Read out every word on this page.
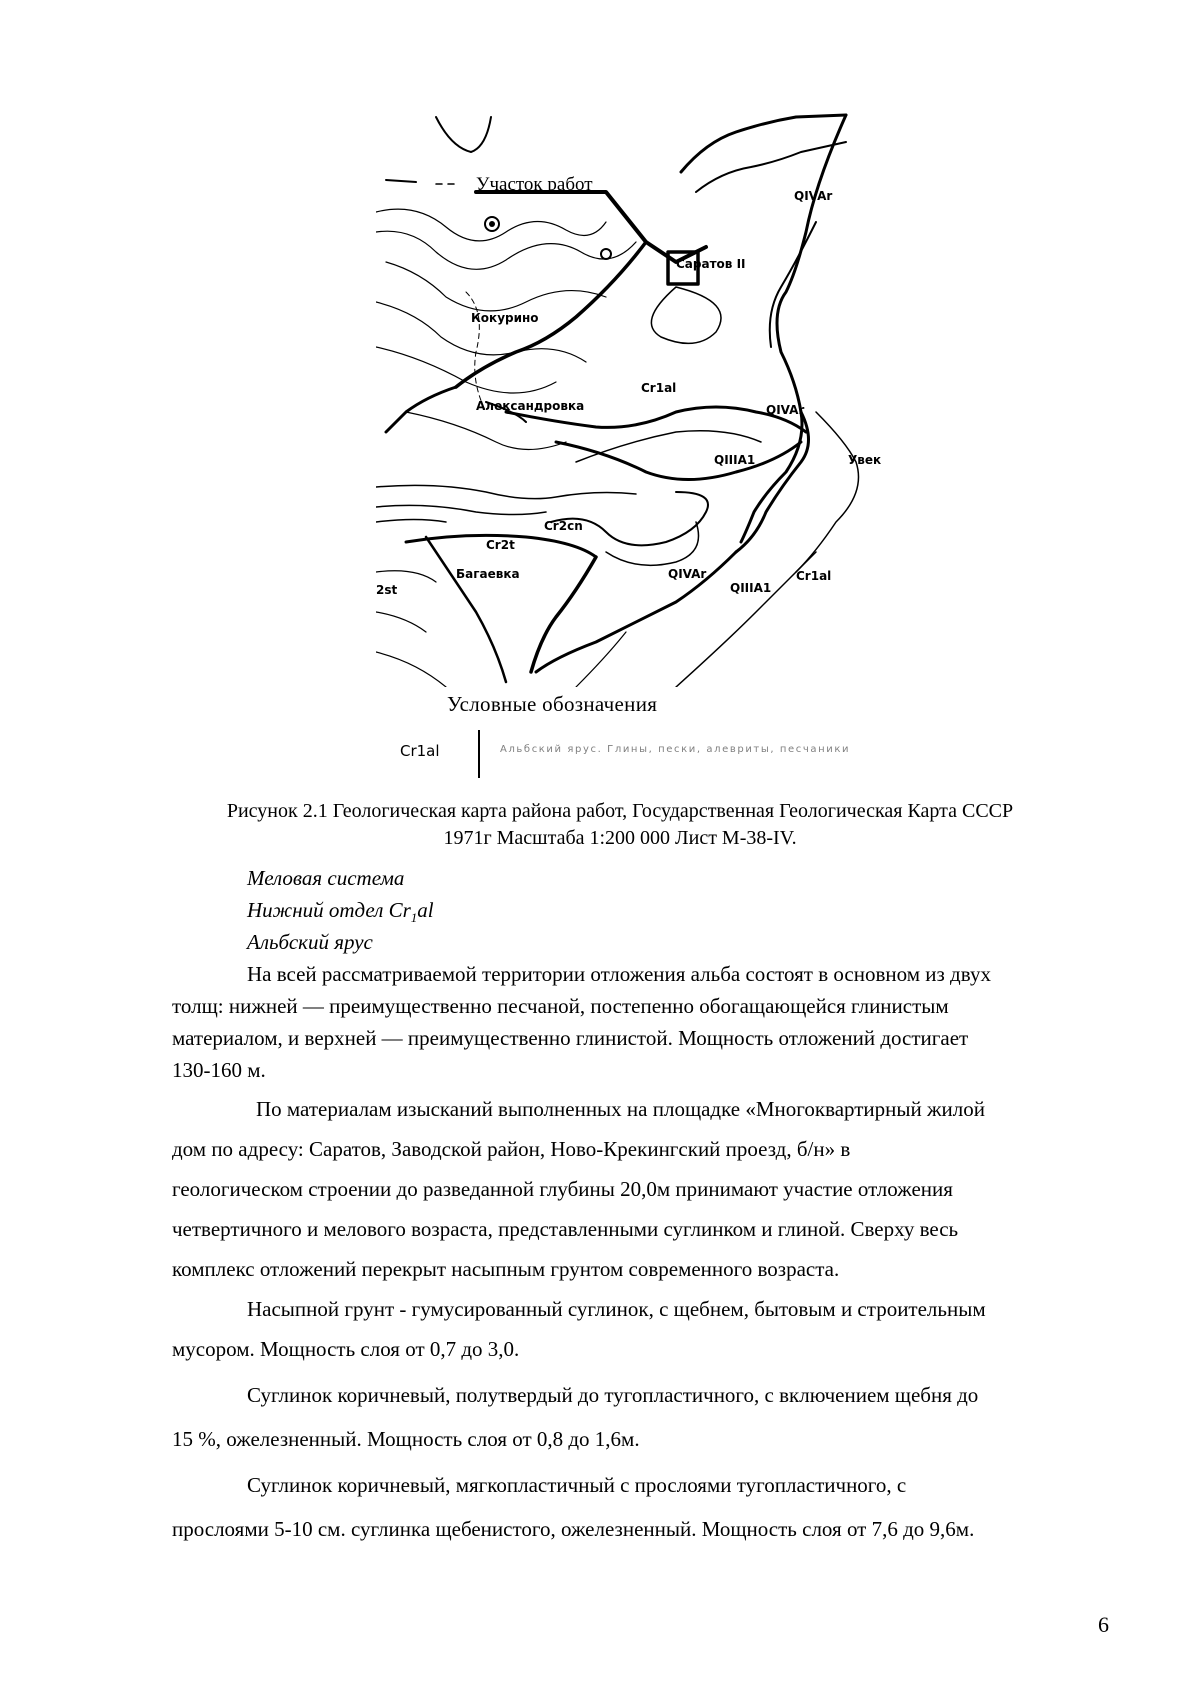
Участок работ
Кокурино
Александровка
Багаевка
Саратов II
Увек
Cr1al
Cr1al
Cr2cn
Cr2t
QIVAr
QIVAr
QIVAr
QIIIA1
QIIIA1
2st
Условные обозначения
Cr1al	Альбский ярус. Глины, пески, алевриты, песчаники
Рисунок 2.1 Геологическая карта района работ, Государственная Геологическая Карта СССР
1971г Масштаба 1:200 000 Лист М-38-IV.
Меловая система
Нижний отдел $Cr_1al$
Альбский ярус
На всей рассматриваемой территории отложения альба состоят в основном из двух
толщ: нижней — преимущественно песчаной, постепенно обогащающейся глинистым
материалом, и верхней — преимущественно глинистой. Мощность отложений достигает
130-160 м.
По материалам изысканий выполненных на площадке «Многоквартирный жилой
дом по адресу: Саратов, Заводской район, Ново-Крекингский проезд, б/н» в
геологическом строении до разведанной глубины 20,0м принимают участие отложения
четвертичного и мелового возраста, представленными суглинком и глиной. Сверху весь
комплекс отложений перекрыт насыпным грунтом современного возраста.
Насыпной грунт - гумусированный суглинок, с щебнем, бытовым и строительным
мусором. Мощность слоя от 0,7 до 3,0.
Суглинок коричневый, полутвердый до тугопластичного, с включением щебня до
15 %, ожелезненный. Мощность слоя от 0,8 до 1,6м.
Суглинок коричневый, мягкопластичный с прослоями тугопластичного, с
прослоями 5-10 см. суглинка щебенистого, ожелезненный. Мощность слоя от 7,6 до 9,6м.
6
